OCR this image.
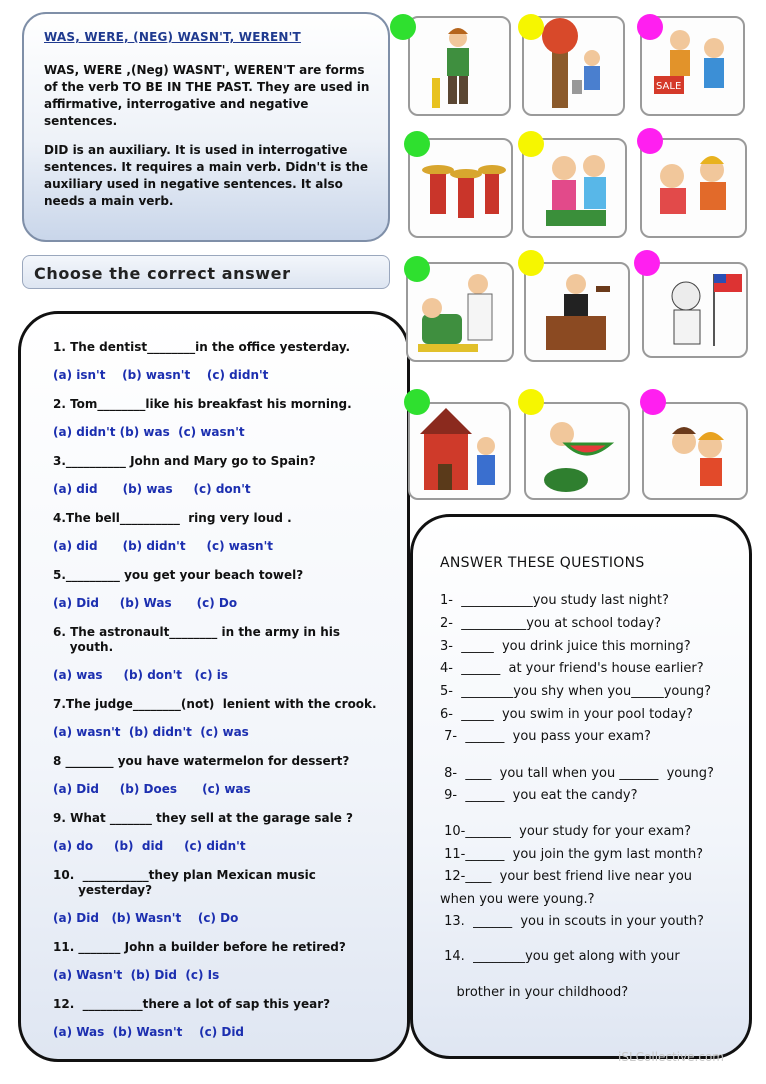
WAS, WERE, (NEG) WASN'T, WEREN'T

WAS, WERE ,(Neg) WASNT', WEREN'T are forms of the verb TO BE IN THE PAST. They are used in affirmative, interrogative and negative sentences.

DID is an auxiliary. It is used in interrogative sentences. It requires a main verb. Didn't is the auxiliary used in negative sentences. It also needs a main verb.

Choose the correct answer
1. The dentist________in the office yesterday.
(a) isn't    (b) wasn't    (c) didn't
2. Tom________like his breakfast his morning.
(a) didn't (b) was  (c) wasn't
3.__________ John and Mary go to Spain?
(a) did      (b) was     (c) don't
4.The bell__________  ring very loud .
(a) did      (b) didn't     (c) wasn't
5._________ you get your beach towel?
(a) Did     (b) Was      (c) Do
6. The astronault________ in the army in his
youth.
(a) was     (b) don't   (c) is
7.The judge________(not)  lenient with the crook.
(a) wasn't  (b) didn't  (c) was
8 ________ you have watermelon for dessert?
(a) Did     (b) Does      (c) was
9. What _______ they sell at the garage sale ?
(a) do     (b)  did     (c) didn't
10.  ___________they plan Mexican music
yesterday?
(a) Did   (b) Wasn't    (c) Do
11. _______ John a builder before he retired?
(a) Wasn't  (b) Did  (c) Is
12.  __________there a lot of sap this year?
(a) Was  (b) Wasn't    (c) Did
SALE
ANSWER THESE QUESTIONS
1-  ___________you study last night?
2-  __________you at school today?
3-  _____  you drink juice this morning?
4-  ______  at your friend's house earlier?
5-  ________you shy when you_____young?
6-  _____  you swim in your pool today?
7-  ______  you pass your exam?
8-  ____  you tall when you ______  young?
9-  ______  you eat the candy?
10-_______  your study for your exam?
11-______  you join the gym last month?
12-____  your best friend live near you
when you were young.?
13.  ______  you in scouts in your youth?
14.  ________you get along with your
brother in your childhood?
iSLCollective.com
